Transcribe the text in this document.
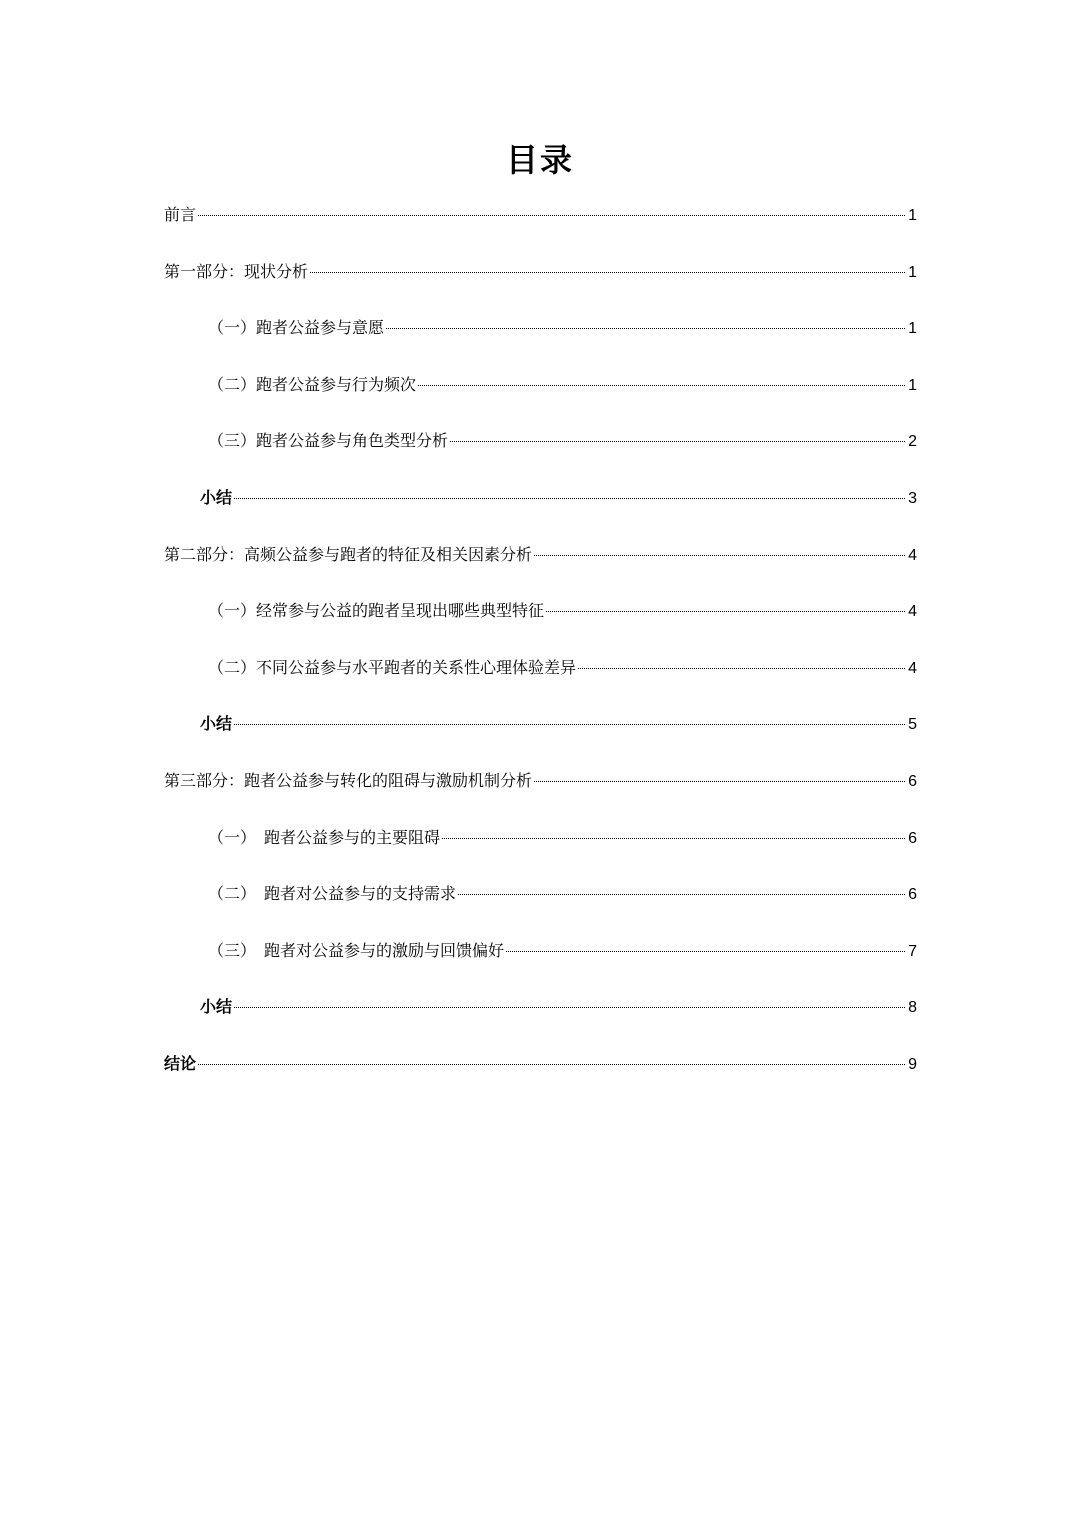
目录
前言	1
第一部分：现状分析	1
（一）跑者公益参与意愿	1
（二）跑者公益参与行为频次	1
（三）跑者公益参与角色类型分析	2
小结	3
第二部分：高频公益参与跑者的特征及相关因素分析	4
（一）经常参与公益的跑者呈现出哪些典型特征	4
（二）不同公益参与水平跑者的关系性心理体验差异	4
小结	5
第三部分：跑者公益参与转化的阻碍与激励机制分析	6
（一）　跑者公益参与的主要阻碍	6
（二）　跑者对公益参与的支持需求	6
（三）　跑者对公益参与的激励与回馈偏好	7
小结	8
结论	9
